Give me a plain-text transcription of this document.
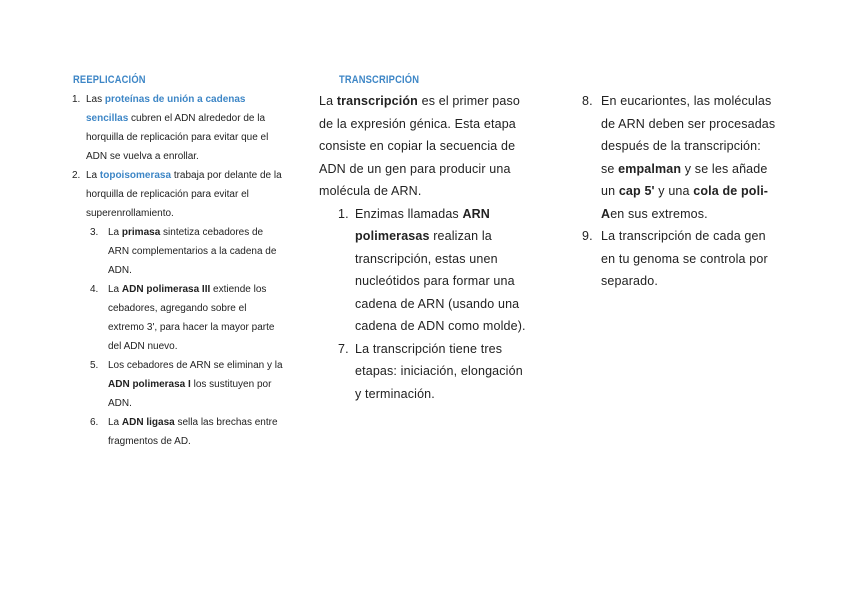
REEPLICACIÓN
1. Las proteínas de unión a cadenas sencillas cubren el ADN alrededor de la horquilla de replicación para evitar que el ADN se vuelva a enrollar.
2. La topoisomerasa trabaja por delante de la horquilla de replicación para evitar el superenrollamiento.
3. La primasa sintetiza cebadores de ARN complementarios a la cadena de ADN.
4. La ADN polimerasa III extiende los cebadores, agregando sobre el extremo 3', para hacer la mayor parte del ADN nuevo.
5. Los cebadores de ARN se eliminan y la ADN polimerasa I los sustituyen por ADN.
6. La ADN ligasa sella las brechas entre fragmentos de AD.
TRANSCRIPCIÓN

La transcripción es el primer paso de la expresión génica. Esta etapa consiste en copiar la secuencia de ADN de un gen para producir una molécula de ARN.

1. Enzimas llamadas ARN polimerasas realizan la transcripción, estas unen nucleótidos para formar una cadena de ARN (usando una cadena de ADN como molde).
7. La transcripción tiene tres etapas: iniciación, elongación y terminación.
8. En eucariontes, las moléculas de ARN deben ser procesadas después de la transcripción: se empalman y se les añade un cap 5' y una cola de poli-Aen sus extremos.
9. La transcripción de cada gen en tu genoma se controla por separado.
